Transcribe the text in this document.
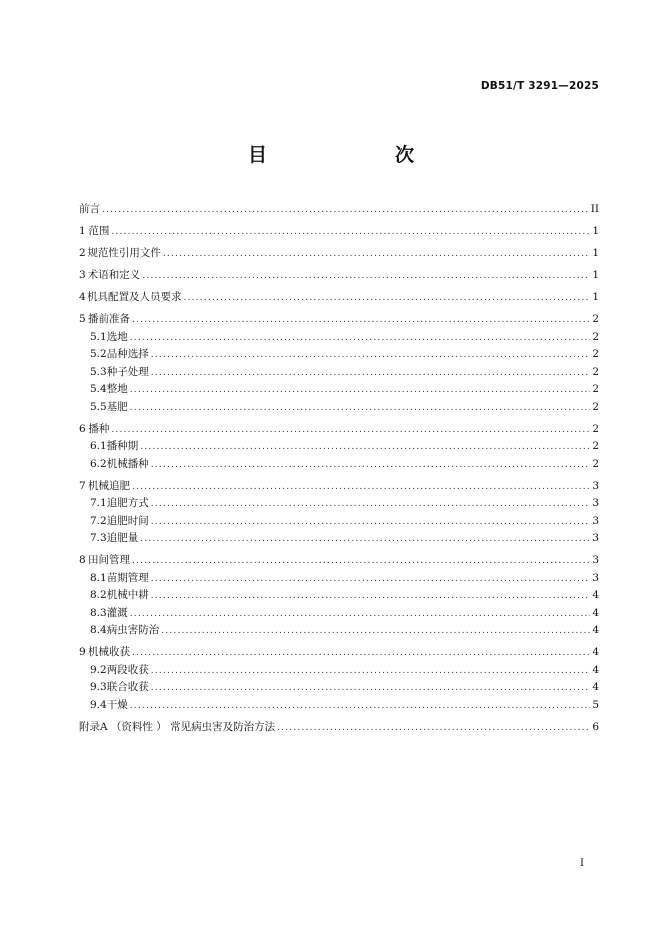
DB51/T 3291—2025
目　　次
前言 .....	II
1 范围 .....	1
2 规范性引用文件 .....	1
3 术语和定义 .....	1
4 机具配置及人员要求 .....	1
5 播前准备 .....	2
5.1 选地 .....	2
5.2 品种选择 .....	2
5.3 种子处理 .....	2
5.4 整地 .....	2
5.5 基肥 .....	2
6 播种 .....	2
6.1 播种期 .....	2
6.2 机械播种 .....	2
7 机械追肥 .....	3
7.1 追肥方式 .....	3
7.2 追肥时间 .....	3
7.3 追肥量 .....	3
8 田间管理 .....	3
8.1 苗期管理 .....	3
8.2 机械中耕 .....	4
8.3 灌溉 .....	4
8.4 病虫害防治 .....	4
9 机械收获 .....	4
9.2 两段收获 .....	4
9.3 联合收获 .....	4
9.4 干燥 .....	5
附录A （资料性 ） 常见病虫害及防治方法 .....	6
I
